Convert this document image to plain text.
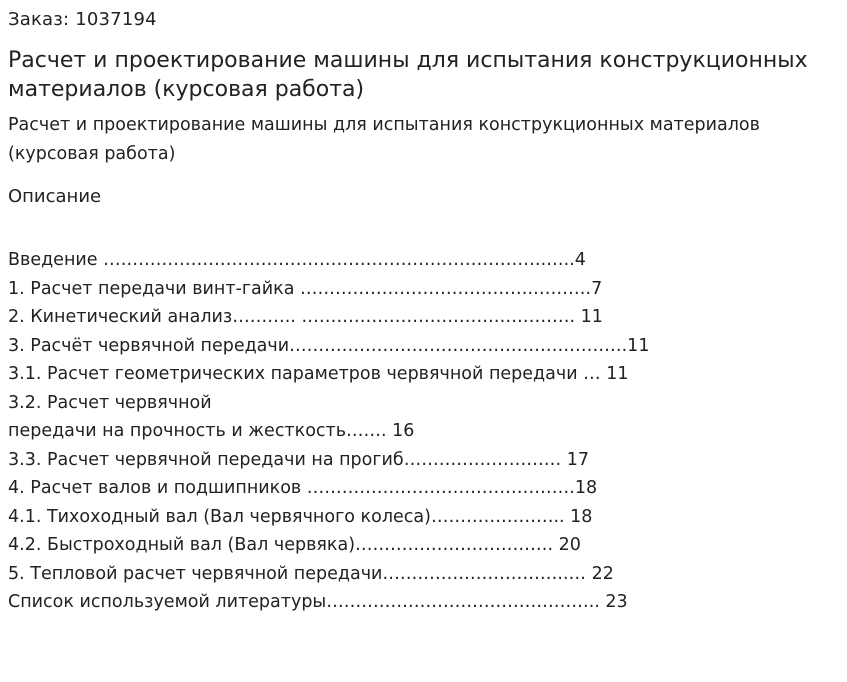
Заказ: 1037194

Расчет и проектирование машины для испытания конструкционных материалов (курсовая работа)

Расчет и проектирование машины для испытания конструкционных материалов (курсовая работа)

Описание
Введение ………………………………………………………………….…..4
1. Расчет передачи винт-гайка ………………………………….……….7
2. Кинетический анализ……….. …………………………….…………. 11
3. Расчёт червячной передачи………………………………………………….11
3.1. Расчет геометрических параметров червячной передачи … 11
3.2. Расчет червячной
передачи на прочность и жесткость……. 16
3.3. Расчет червячной передачи на прогиб……………………… 17
4. Расчет валов и подшипников ……………………………………….18
4.1. Тихоходный вал (Вал червячного колеса)………………….. 18
4.2. Быстроходный вал (Вал червяка)……………………………. 20
5. Тепловой расчет червячной передачи…………………………..… 22
Список используемой литературы……………………………………….. 23
